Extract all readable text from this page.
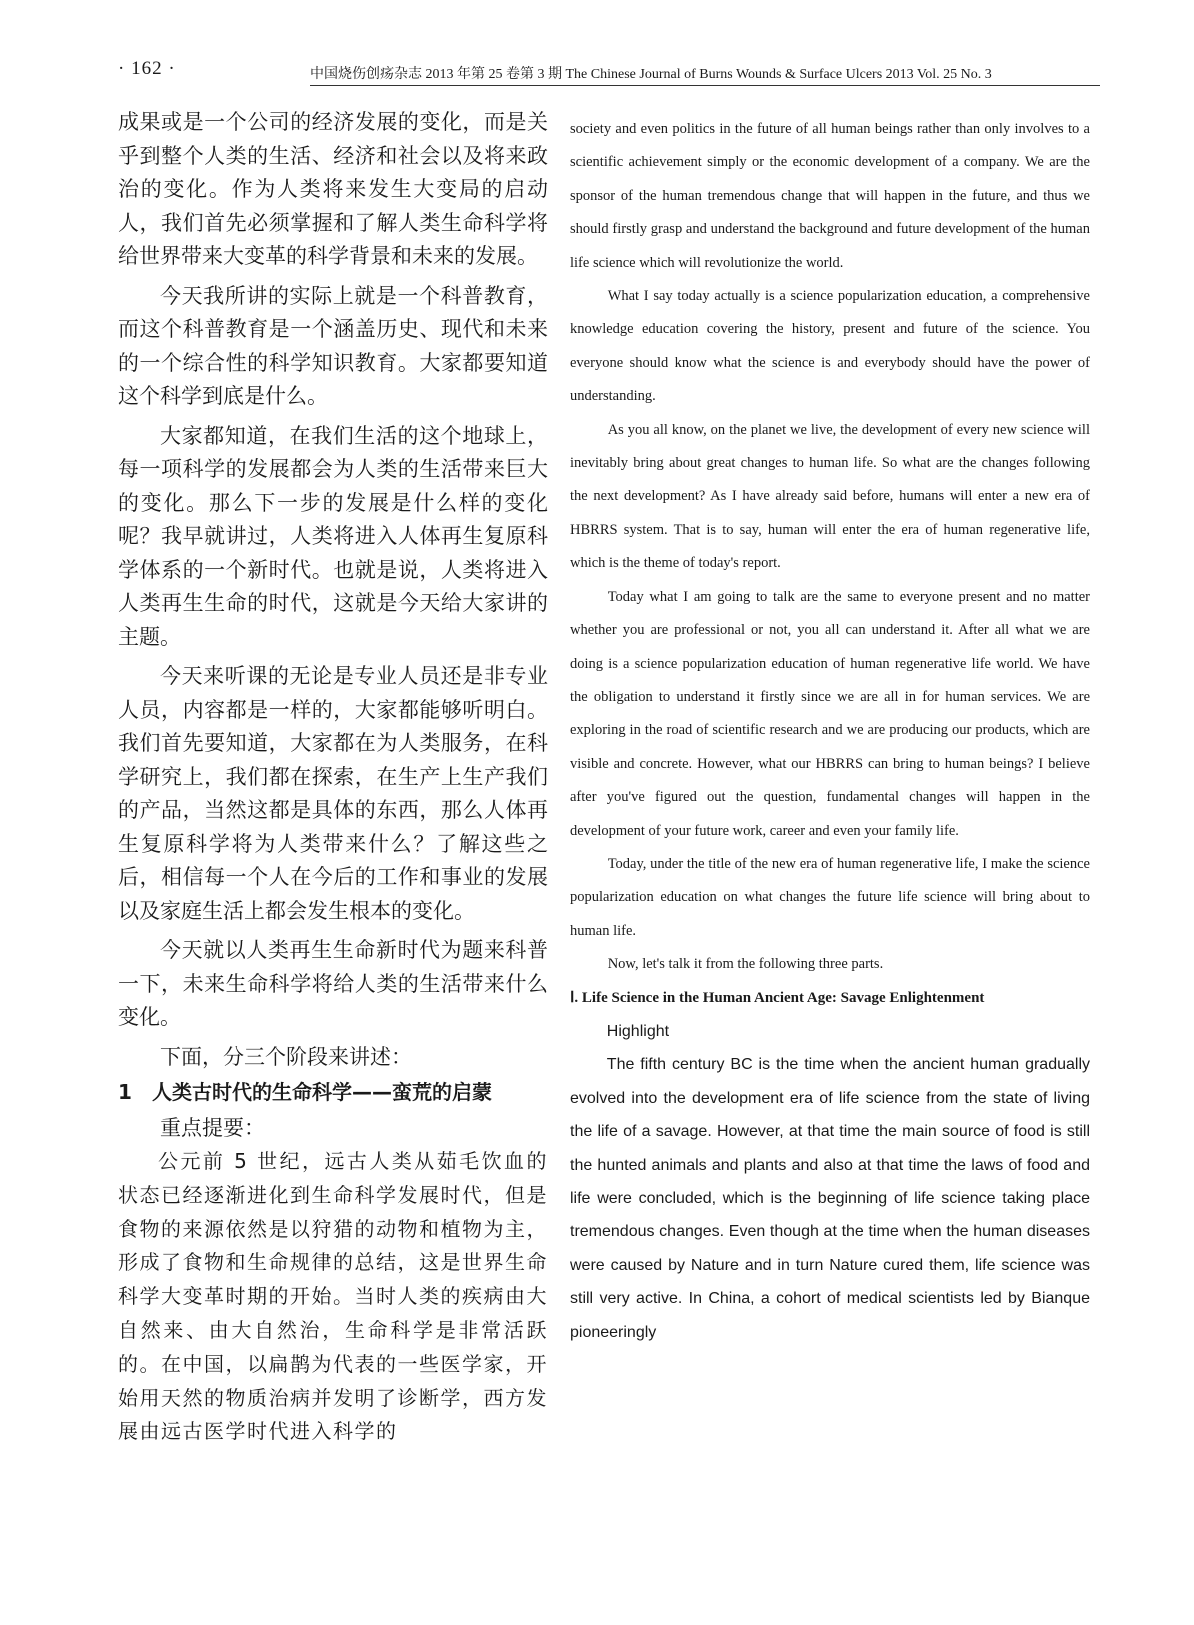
· 162 ·	中国烧伤创疡杂志 2013 年第 25 卷第 3 期 The Chinese Journal of Burns Wounds & Surface Ulcers 2013 Vol. 25 No. 3

成果或是一个公司的经济发展的变化，而是关乎到整个人类的生活、经济和社会以及将来政治的变化。作为人类将来发生大变局的启动人，我们首先必须掌握和了解人类生命科学将给世界带来大变革的科学背景和未来的发展。

今天我所讲的实际上就是一个科普教育，而这个科普教育是一个涵盖历史、现代和未来的一个综合性的科学知识教育。大家都要知道这个科学到底是什么。

大家都知道，在我们生活的这个地球上，每一项科学的发展都会为人类的生活带来巨大的变化。那么下一步的发展是什么样的变化呢？我早就讲过，人类将进入人体再生复原科学体系的一个新时代。也就是说，人类将进入人类再生生命的时代，这就是今天给大家讲的主题。

今天来听课的无论是专业人员还是非专业人员，内容都是一样的，大家都能够听明白。我们首先要知道，大家都在为人类服务，在科学研究上，我们都在探索，在生产上生产我们的产品，当然这都是具体的东西，那么人体再生复原科学将为人类带来什么？了解这些之后，相信每一个人在今后的工作和事业的发展以及家庭生活上都会发生根本的变化。

今天就以人类再生生命新时代为题来科普一下，未来生命科学将给人类的生活带来什么变化。

下面，分三个阶段来讲述：

1 人类古时代的生命科学——蛮荒的启蒙

重点提要：

公元前 5 世纪，远古人类从茹毛饮血的状态已经逐渐进化到生命科学发展时代，但是食物的来源依然是以狩猎的动物和植物为主，形成了食物和生命规律的总结，这是世界生命科学大变革时期的开始。当时人类的疾病由大自然来、由大自然治，生命科学是非常活跃的。在中国，以扁鹊为代表的一些医学家，开始用天然的物质治病并发明了诊断学，西方发展由远古医学时代进入科学的

society and even politics in the future of all human beings rather than only involves to a scientific achievement simply or the economic development of a company. We are the sponsor of the human tremendous change that will happen in the future, and thus we should firstly grasp and understand the background and future development of the human life science which will revolutionize the world.

What I say today actually is a science popularization education, a comprehensive knowledge education covering the history, present and future of the science. You everyone should know what the science is and everybody should have the power of understanding.

As you all know, on the planet we live, the development of every new science will inevitably bring about great changes to human life. So what are the changes following the next development? As I have already said before, humans will enter a new era of HBRRS system. That is to say, human will enter the era of human regenerative life, which is the theme of today's report.

Today what I am going to talk are the same to everyone present and no matter whether you are professional or not, you all can understand it. After all what we are doing is a science popularization education of human regenerative life world. We have the obligation to understand it firstly since we are all in for human services. We are exploring in the road of scientific research and we are producing our products, which are visible and concrete. However, what our HBRRS can bring to human beings? I believe after you've figured out the question, fundamental changes will happen in the development of your future work, career and even your family life.

Today, under the title of the new era of human regenerative life, I make the science popularization education on what changes the future life science will bring about to human life.

Now, let's talk it from the following three parts.

Ⅰ. Life Science in the Human Ancient Age: Savage Enlightenment

Highlight

The fifth century BC is the time when the ancient human gradually evolved into the development era of life science from the state of living the life of a savage. However, at that time the main source of food is still the hunted animals and plants and also at that time the laws of food and life were concluded, which is the beginning of life science taking place tremendous changes. Even though at the time when the human diseases were caused by Nature and in turn Nature cured them, life science was still very active. In China, a cohort of medical scientists led by Bianque pioneeringly
